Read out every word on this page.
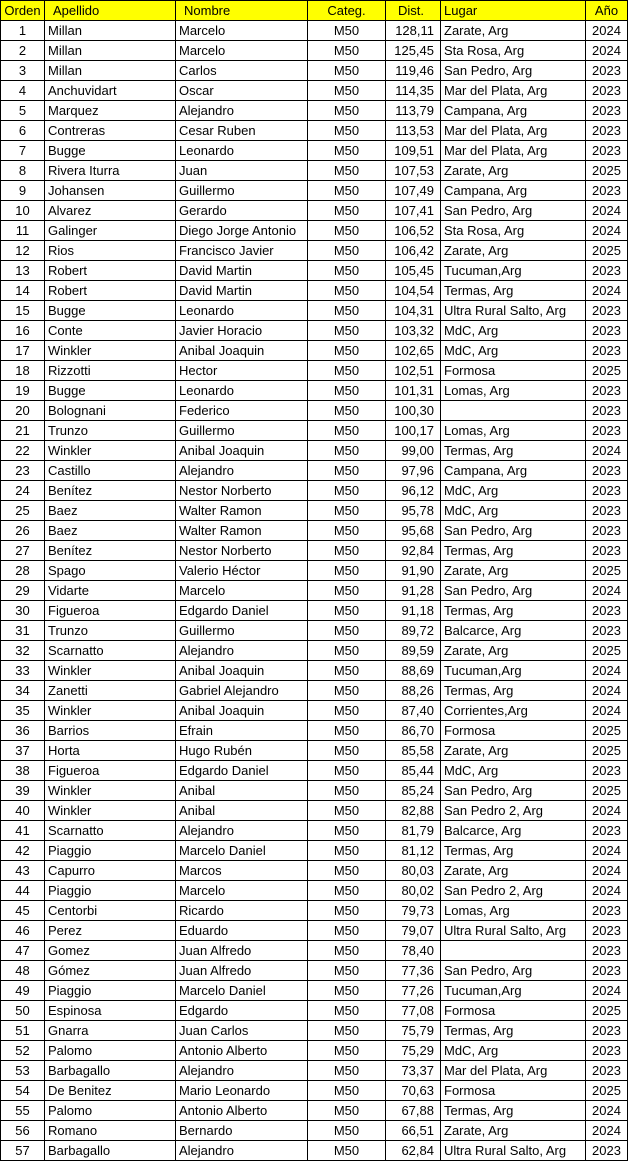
Orden	Apellido	Nombre	Categ.	Dist.	Lugar	Año
1	Millan	Marcelo	M50	128,11	Zarate, Arg	2024
2	Millan	Marcelo	M50	125,45	Sta Rosa, Arg	2024
3	Millan	Carlos	M50	119,46	San Pedro, Arg	2023
4	Anchuvidart	Oscar	M50	114,35	Mar del Plata, Arg	2023
5	Marquez	Alejandro	M50	113,79	Campana, Arg	2023
6	Contreras	Cesar Ruben	M50	113,53	Mar del Plata, Arg	2023
7	Bugge	Leonardo	M50	109,51	Mar del Plata, Arg	2023
8	Rivera Iturra	Juan	M50	107,53	Zarate, Arg	2025
9	Johansen	Guillermo	M50	107,49	Campana, Arg	2023
10	Alvarez	Gerardo	M50	107,41	San Pedro, Arg	2024
11	Galinger	Diego Jorge Antonio	M50	106,52	Sta Rosa, Arg	2024
12	Rios	Francisco Javier	M50	106,42	Zarate, Arg	2025
13	Robert	David Martin	M50	105,45	Tucuman,Arg	2023
14	Robert	David Martin	M50	104,54	Termas, Arg	2024
15	Bugge	Leonardo	M50	104,31	Ultra Rural Salto, Arg	2023
16	Conte	Javier Horacio	M50	103,32	MdC, Arg	2023
17	Winkler	Anibal Joaquin	M50	102,65	MdC, Arg	2023
18	Rizzotti	Hector	M50	102,51	Formosa	2025
19	Bugge	Leonardo	M50	101,31	Lomas, Arg	2023
20	Bolognani	Federico	M50	100,30		2023
21	Trunzo	Guillermo	M50	100,17	Lomas, Arg	2023
22	Winkler	Anibal Joaquin	M50	99,00	Termas, Arg	2024
23	Castillo	Alejandro	M50	97,96	Campana, Arg	2023
24	Benítez	Nestor Norberto	M50	96,12	MdC, Arg	2023
25	Baez	Walter Ramon	M50	95,78	MdC, Arg	2023
26	Baez	Walter Ramon	M50	95,68	San Pedro, Arg	2023
27	Benítez	Nestor Norberto	M50	92,84	Termas, Arg	2023
28	Spago	Valerio Héctor	M50	91,90	Zarate, Arg	2025
29	Vidarte	Marcelo	M50	91,28	San Pedro, Arg	2024
30	Figueroa	Edgardo Daniel	M50	91,18	Termas, Arg	2023
31	Trunzo	Guillermo	M50	89,72	Balcarce, Arg	2023
32	Scarnatto	Alejandro	M50	89,59	Zarate, Arg	2025
33	Winkler	Anibal Joaquin	M50	88,69	Tucuman,Arg	2024
34	Zanetti	Gabriel Alejandro	M50	88,26	Termas, Arg	2024
35	Winkler	Anibal Joaquin	M50	87,40	Corrientes,Arg	2024
36	Barrios	Efrain	M50	86,70	Formosa	2025
37	Horta	Hugo Rubén	M50	85,58	Zarate, Arg	2025
38	Figueroa	Edgardo Daniel	M50	85,44	MdC, Arg	2023
39	Winkler	Anibal	M50	85,24	San Pedro, Arg	2025
40	Winkler	Anibal	M50	82,88	San Pedro 2, Arg	2024
41	Scarnatto	Alejandro	M50	81,79	Balcarce, Arg	2023
42	Piaggio	Marcelo Daniel	M50	81,12	Termas, Arg	2024
43	Capurro	Marcos	M50	80,03	Zarate, Arg	2024
44	Piaggio	Marcelo	M50	80,02	San Pedro 2, Arg	2024
45	Centorbi	Ricardo	M50	79,73	Lomas, Arg	2023
46	Perez	Eduardo	M50	79,07	Ultra Rural Salto, Arg	2023
47	Gomez	Juan Alfredo	M50	78,40		2023
48	Gómez	Juan Alfredo	M50	77,36	San Pedro, Arg	2023
49	Piaggio	Marcelo Daniel	M50	77,26	Tucuman,Arg	2024
50	Espinosa	Edgardo	M50	77,08	Formosa	2025
51	Gnarra	Juan Carlos	M50	75,79	Termas, Arg	2023
52	Palomo	Antonio Alberto	M50	75,29	MdC, Arg	2023
53	Barbagallo	Alejandro	M50	73,37	Mar del Plata, Arg	2023
54	De Benitez	Mario Leonardo	M50	70,63	Formosa	2025
55	Palomo	Antonio Alberto	M50	67,88	Termas, Arg	2024
56	Romano	Bernardo	M50	66,51	Zarate, Arg	2024
57	Barbagallo	Alejandro	M50	62,84	Ultra Rural Salto, Arg	2023
